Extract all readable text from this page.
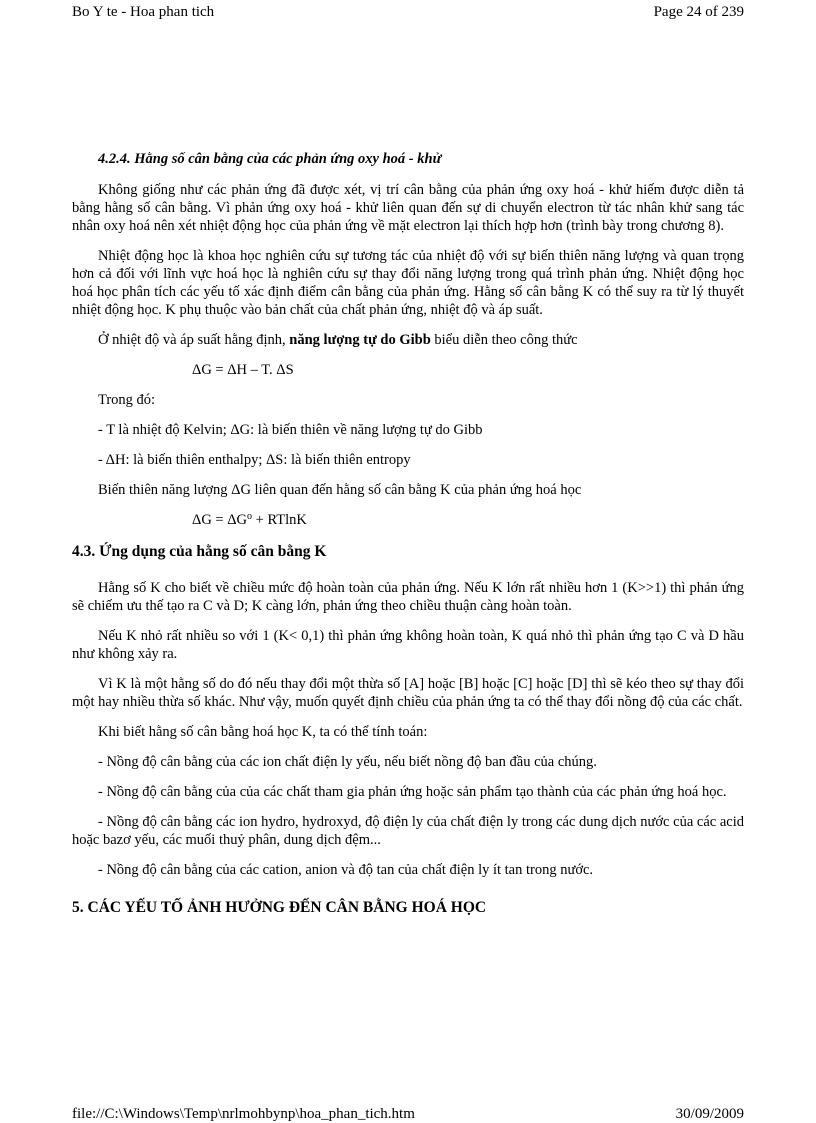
Bo Y te - Hoa phan tich	Page 24 of 239

4.2.4. Hằng số cân bằng của các phản ứng oxy hoá - khử

Không giống như các phản ứng đã được xét, vị trí cân bằng của phản ứng oxy hoá - khử hiếm được diễn tả bằng hằng số cân bằng. Vì phản ứng oxy hoá - khử liên quan đến sự di chuyển electron từ tác nhân khử sang tác nhân oxy hoá nên xét nhiệt động học của phản ứng về mặt electron lại thích hợp hơn (trình bày trong chương 8).

Nhiệt động học là khoa học nghiên cứu sự tương tác của nhiệt độ với sự biến thiên năng lượng và quan trọng hơn cả đối với lĩnh vực hoá học là nghiên cứu sự thay đổi năng lượng trong quá trình phản ứng. Nhiệt động học hoá học phân tích các yếu tố xác định điểm cân bằng của phản ứng. Hằng số cân bằng K có thể suy ra từ lý thuyết nhiệt động học. K phụ thuộc vào bản chất của chất phản ứng, nhiệt độ và áp suất.

Ở nhiệt độ và áp suất hằng định, năng lượng tự do Gibb biểu diễn theo công thức

ΔG = ΔH – T. ΔS

Trong đó:

- T là nhiệt độ Kelvin; ΔG: là biến thiên về năng lượng tự do Gibb

- ΔH: là biến thiên enthalpy; ΔS: là biến thiên entropy

Biến thiên năng lượng ΔG liên quan đến hằng số cân bằng K của phản ứng hoá học

$\Delta G = \Delta G^o + RTlnK$

4.3. Ứng dụng của hằng số cân bằng K

Hằng số K cho biết về chiều mức độ hoàn toàn của phản ứng. Nếu K lớn rất nhiều hơn 1 (K>>1) thì phản ứng sẽ chiếm ưu thế tạo ra C và D; K càng lớn, phản ứng theo chiều thuận càng hoàn toàn.

Nếu K nhỏ rất nhiều so với 1 (K< 0,1) thì phản ứng không hoàn toàn, K quá nhỏ thì phản ứng tạo C và D hầu như không xảy ra.

Vì K là một hằng số do đó nếu thay đổi một thừa số [A] hoặc [B] hoặc [C] hoặc [D] thì sẽ kéo theo sự thay đổi một hay nhiều thừa số khác. Như vậy, muốn quyết định chiều của phản ứng ta có thể thay đổi nồng độ của các chất.

Khi biết hằng số cân bằng hoá học K, ta có thể tính toán:

- Nồng độ cân bằng của các ion chất điện ly yếu, nếu biết nồng độ ban đầu của chúng.

- Nồng độ cân bằng của của các chất tham gia phản ứng hoặc sản phẩm tạo thành của các phản ứng hoá học.

- Nồng độ cân bằng các ion hydro, hydroxyd, độ điện ly của chất điện ly trong các dung dịch nước của các acid hoặc bazơ yếu, các muối thuỷ phân, dung dịch đệm...

- Nồng độ cân bằng của các cation, anion và độ tan của chất điện ly ít tan trong nước.

5. CÁC YẾU TỐ ẢNH HƯỞNG ĐẾN CÂN BẰNG HOÁ HỌC

file://C:\Windows\Temp\nrlmohbynp\hoa_phan_tich.htm	30/09/2009
